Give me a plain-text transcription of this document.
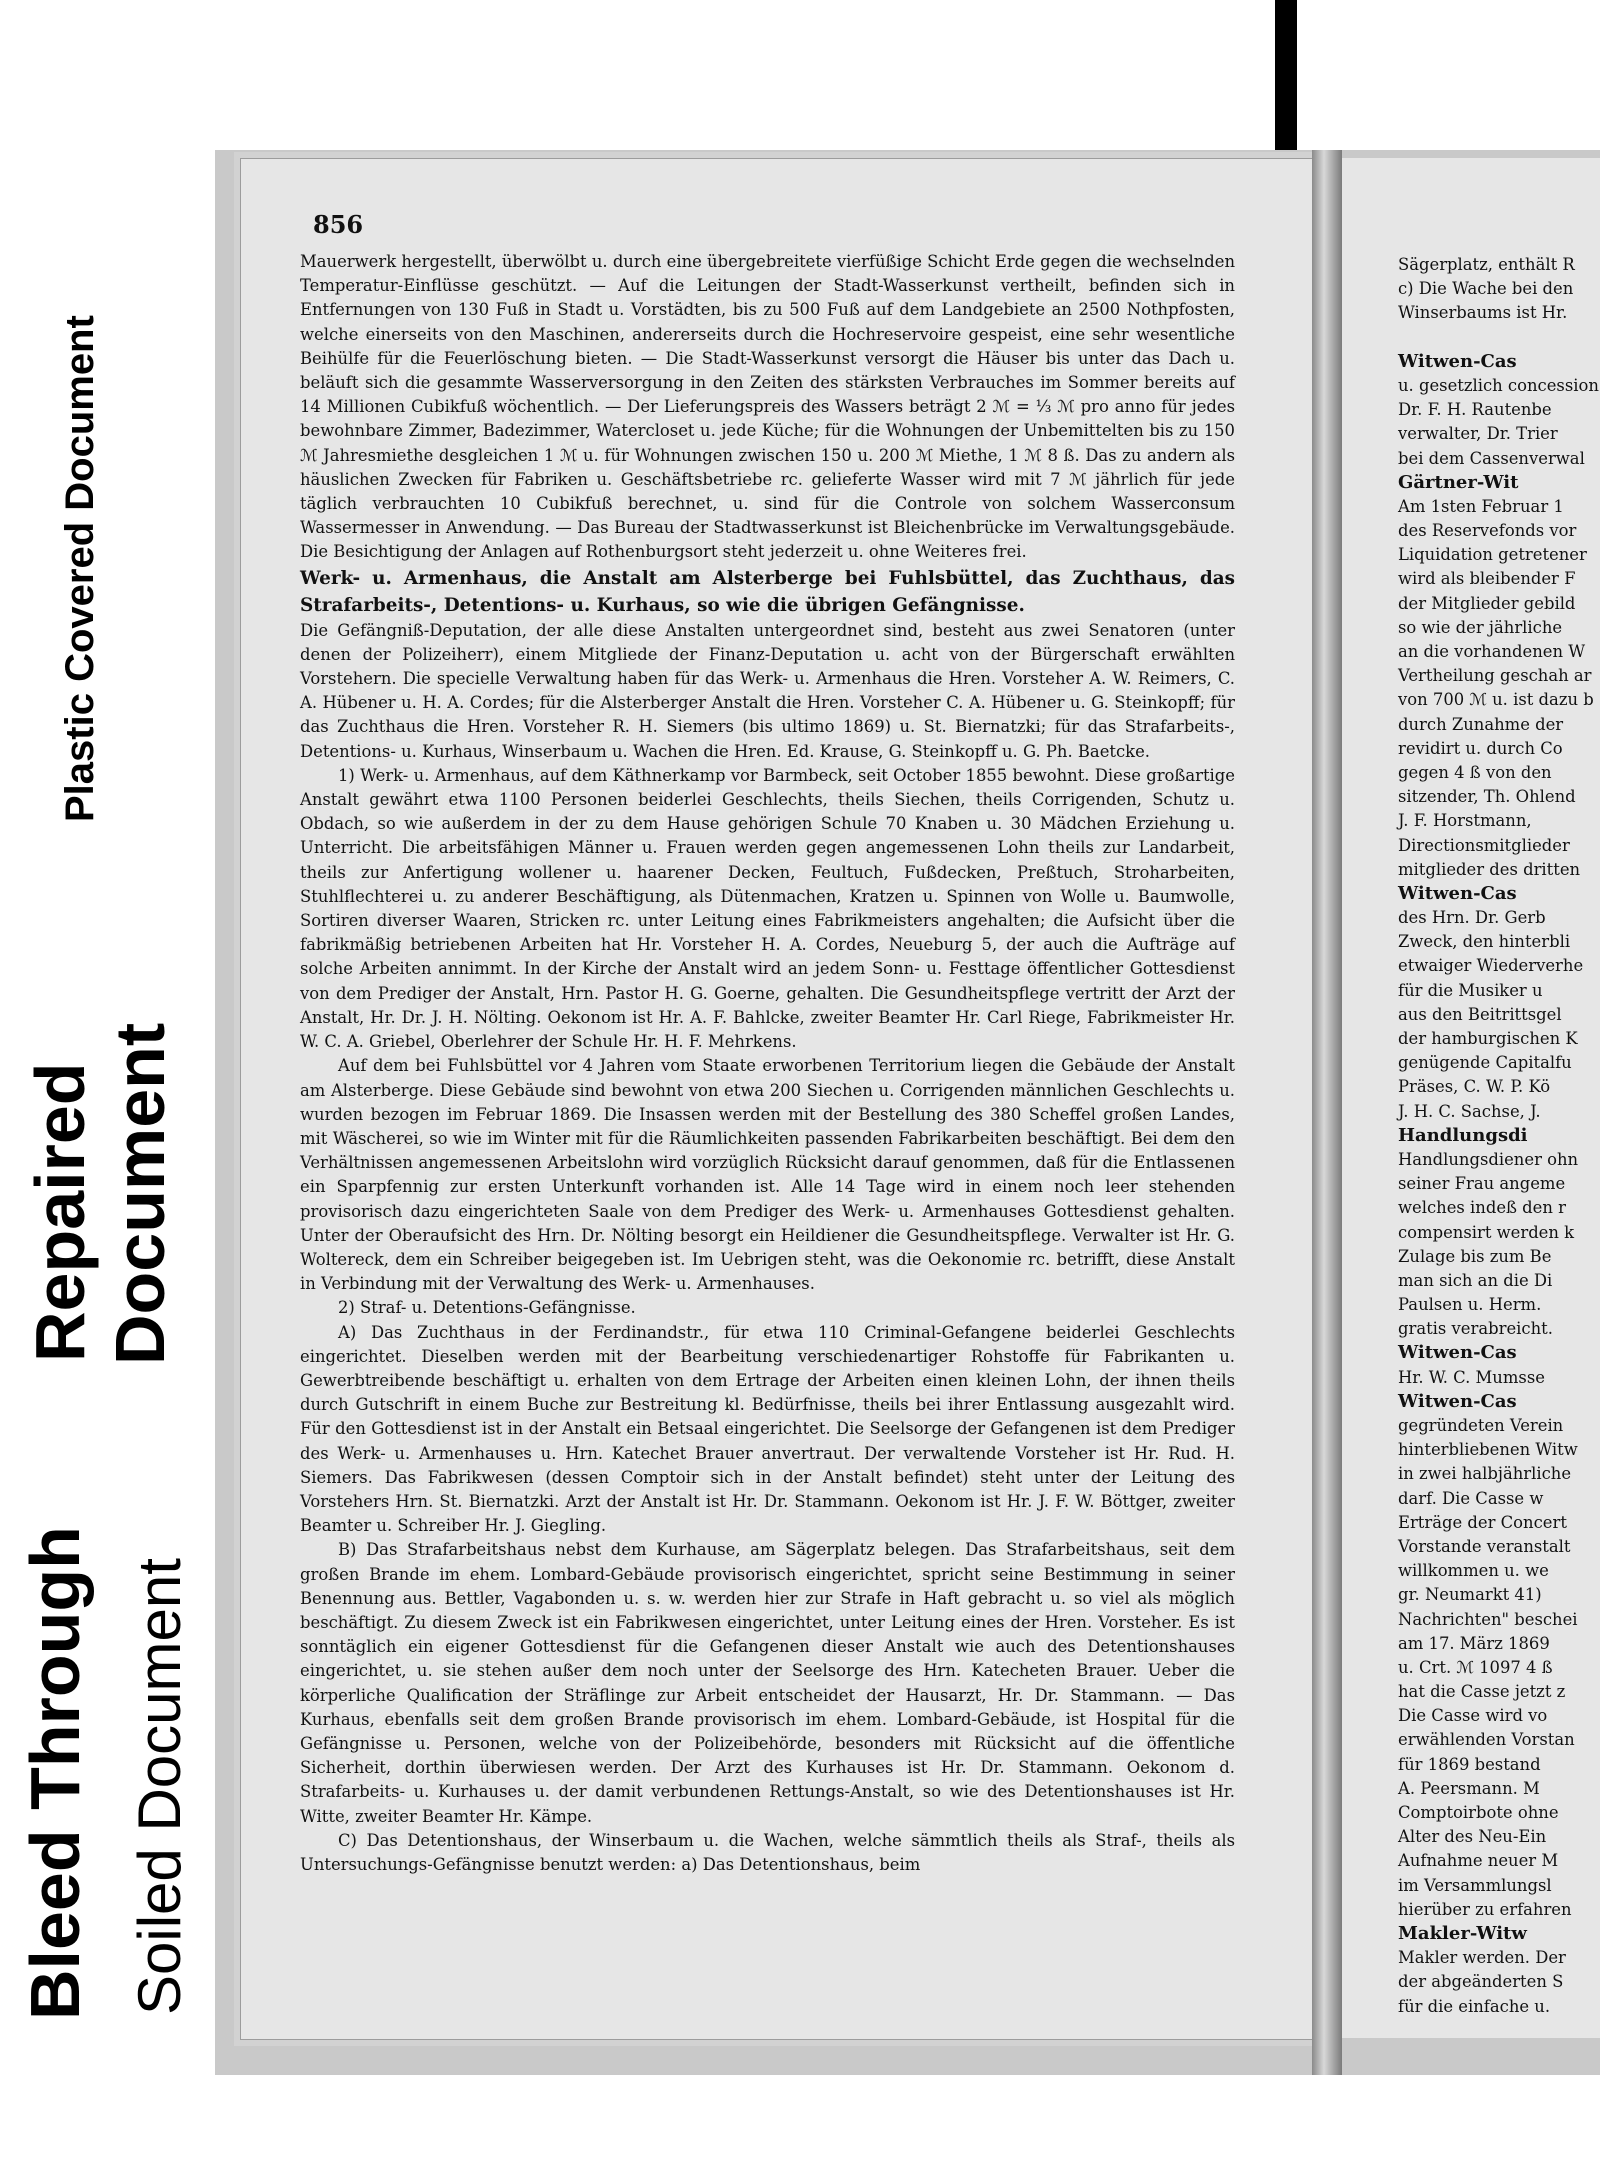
Plastic Covered Document
Repaired Document
Bleed Through Soiled Document
856

Mauerwerk hergestellt, überwölbt u. durch eine übergebreitete vierfüßige Schicht Erde gegen die wechselnden Temperatur-Einflüsse geschützt. — Auf die Leitungen der Stadt-Wasserkunst vertheilt, befinden sich in Entfernungen von 130 Fuß in Stadt u. Vorstädten, bis zu 500 Fuß auf dem Landgebiete an 2500 Nothpfosten, welche einerseits von den Maschinen, andererseits durch die Hochreservoire gespeist, eine sehr wesentliche Beihülfe für die Feuerlöschung bieten. — Die Stadt-Wasserkunst versorgt die Häuser bis unter das Dach u. beläuft sich die gesammte Wasserversorgung in den Zeiten des stärksten Verbrauches im Sommer bereits auf 14 Millionen Cubikfuß wöchentlich. — Der Lieferungspreis des Wassers beträgt 2 ℳ = ⅓ ℳ pro anno für jedes bewohnbare Zimmer, Badezimmer, Watercloset u. jede Küche; für die Wohnungen der Unbemittelten bis zu 150 ℳ Jahresmiethe desgleichen 1 ℳ u. für Wohnungen zwischen 150 u. 200 ℳ Miethe, 1 ℳ 8 ß. Das zu andern als häuslichen Zwecken für Fabriken u. Geschäftsbetriebe rc. gelieferte Wasser wird mit 7 ℳ jährlich für jede täglich verbrauchten 10 Cubikfuß berechnet, u. sind für die Controle von solchem Wasserconsum Wassermesser in Anwendung. — Das Bureau der Stadtwasserkunst ist Bleichenbrücke im Verwaltungsgebäude. Die Besichtigung der Anlagen auf Rothenburgsort steht jederzeit u. ohne Weiteres frei.

Werk- u. Armenhaus, die Anstalt am Alsterberge bei Fuhlsbüttel, das Zuchthaus, das Strafarbeits-, Detentions- u. Kurhaus, so wie die übrigen Gefängnisse.

Die Gefängniß-Deputation, der alle diese Anstalten untergeordnet sind, besteht aus zwei Senatoren (unter denen der Polizeiherr), einem Mitgliede der Finanz-Deputation u. acht von der Bürgerschaft erwählten Vorstehern. Die specielle Verwaltung haben für das Werk- u. Armenhaus die Hren. Vorsteher A. W. Reimers, C. A. Hübener u. H. A. Cordes; für die Alsterberger Anstalt die Hren. Vorsteher C. A. Hübener u. G. Steinkopff; für das Zuchthaus die Hren. Vorsteher R. H. Siemers (bis ultimo 1869) u. St. Biernatzki; für das Strafarbeits-, Detentions- u. Kurhaus, Winserbaum u. Wachen die Hren. Ed. Krause, G. Steinkopff u. G. Ph. Baetcke.

1) Werk- u. Armenhaus, auf dem Käthnerkamp vor Barmbeck, seit October 1855 bewohnt. Diese großartige Anstalt gewährt etwa 1100 Personen beiderlei Geschlechts, theils Siechen, theils Corrigenden, Schutz u. Obdach, so wie außerdem in der zu dem Hause gehörigen Schule 70 Knaben u. 30 Mädchen Erziehung u. Unterricht. Die arbeitsfähigen Männer u. Frauen werden gegen angemessenen Lohn theils zur Landarbeit, theils zur Anfertigung wollener u. haarener Decken, Feultuch, Fußdecken, Preßtuch, Stroharbeiten, Stuhlflechterei u. zu anderer Beschäftigung, als Dütenmachen, Kratzen u. Spinnen von Wolle u. Baumwolle, Sortiren diverser Waaren, Stricken rc. unter Leitung eines Fabrikmeisters angehalten; die Aufsicht über die fabrikmäßig betriebenen Arbeiten hat Hr. Vorsteher H. A. Cordes, Neueburg 5, der auch die Aufträge auf solche Arbeiten annimmt. In der Kirche der Anstalt wird an jedem Sonn- u. Festtage öffentlicher Gottesdienst von dem Prediger der Anstalt, Hrn. Pastor H. G. Goerne, gehalten. Die Gesundheitspflege vertritt der Arzt der Anstalt, Hr. Dr. J. H. Nölting. Oekonom ist Hr. A. F. Bahlcke, zweiter Beamter Hr. Carl Riege, Fabrikmeister Hr. W. C. A. Griebel, Oberlehrer der Schule Hr. H. F. Mehrkens.

Auf dem bei Fuhlsbüttel vor 4 Jahren vom Staate erworbenen Territorium liegen die Gebäude der Anstalt am Alsterberge. Diese Gebäude sind bewohnt von etwa 200 Siechen u. Corrigenden männlichen Geschlechts u. wurden bezogen im Februar 1869. Die Insassen werden mit der Bestellung des 380 Scheffel großen Landes, mit Wäscherei, so wie im Winter mit für die Räumlichkeiten passenden Fabrikarbeiten beschäftigt. Bei dem den Verhältnissen angemessenen Arbeitslohn wird vorzüglich Rücksicht darauf genommen, daß für die Entlassenen ein Sparpfennig zur ersten Unterkunft vorhanden ist. Alle 14 Tage wird in einem noch leer stehenden provisorisch dazu eingerichteten Saale von dem Prediger des Werk- u. Armenhauses Gottesdienst gehalten. Unter der Oberaufsicht des Hrn. Dr. Nölting besorgt ein Heildiener die Gesundheitspflege. Verwalter ist Hr. G. Woltereck, dem ein Schreiber beigegeben ist. Im Uebrigen steht, was die Oekonomie rc. betrifft, diese Anstalt in Verbindung mit der Verwaltung des Werk- u. Armenhauses.

2) Straf- u. Detentions-Gefängnisse.

A) Das Zuchthaus in der Ferdinandstr., für etwa 110 Criminal-Gefangene beiderlei Geschlechts eingerichtet. Dieselben werden mit der Bearbeitung verschiedenartiger Rohstoffe für Fabrikanten u. Gewerbtreibende beschäftigt u. erhalten von dem Ertrage der Arbeiten einen kleinen Lohn, der ihnen theils durch Gutschrift in einem Buche zur Bestreitung kl. Bedürfnisse, theils bei ihrer Entlassung ausgezahlt wird. Für den Gottesdienst ist in der Anstalt ein Betsaal eingerichtet. Die Seelsorge der Gefangenen ist dem Prediger des Werk- u. Armenhauses u. Hrn. Katechet Brauer anvertraut. Der verwaltende Vorsteher ist Hr. Rud. H. Siemers. Das Fabrikwesen (dessen Comptoir sich in der Anstalt befindet) steht unter der Leitung des Vorstehers Hrn. St. Biernatzki. Arzt der Anstalt ist Hr. Dr. Stammann. Oekonom ist Hr. J. F. W. Böttger, zweiter Beamter u. Schreiber Hr. J. Giegling.

B) Das Strafarbeitshaus nebst dem Kurhause, am Sägerplatz belegen. Das Strafarbeitshaus, seit dem großen Brande im ehem. Lombard-Gebäude provisorisch eingerichtet, spricht seine Bestimmung in seiner Benennung aus. Bettler, Vagabonden u. s. w. werden hier zur Strafe in Haft gebracht u. so viel als möglich beschäftigt. Zu diesem Zweck ist ein Fabrikwesen eingerichtet, unter Leitung eines der Hren. Vorsteher. Es ist sonntäglich ein eigener Gottesdienst für die Gefangenen dieser Anstalt wie auch des Detentionshauses eingerichtet, u. sie stehen außer dem noch unter der Seelsorge des Hrn. Katecheten Brauer. Ueber die körperliche Qualification der Sträflinge zur Arbeit entscheidet der Hausarzt, Hr. Dr. Stammann. — Das Kurhaus, ebenfalls seit dem großen Brande provisorisch im ehem. Lombard-Gebäude, ist Hospital für die Gefängnisse u. Personen, welche von der Polizeibehörde, besonders mit Rücksicht auf die öffentliche Sicherheit, dorthin überwiesen werden. Der Arzt des Kurhauses ist Hr. Dr. Stammann. Oekonom d. Strafarbeits- u. Kurhauses u. der damit verbundenen Rettungs-Anstalt, so wie des Detentionshauses ist Hr. Witte, zweiter Beamter Hr. Kämpe.

C) Das Detentionshaus, der Winserbaum u. die Wachen, welche sämmtlich theils als Straf-, theils als Untersuchungs-Gefängnisse benutzt werden: a) Das Detentionshaus, beim

Sägerplatz, enthält R
c) Die Wache bei den
Winserbaums ist Hr.
Witwen-Cas
u. gesetzlich concession
Dr. F. H. Rautenbe
verwalter, Dr. Trier
bei dem Cassenverwal
Gärtner-Wit
Am 1sten Februar 1
des Reservefonds vor
Liquidation getretener
wird als bleibender F
der Mitglieder gebild
so wie der jährliche
an die vorhandenen W
Vertheilung geschah ar
von 700 ℳ u. ist dazu b
durch Zunahme der
revidirt u. durch Co
gegen 4 ß von den
sitzender, Th. Ohlend
J. F. Horstmann,
Directionsmitglieder
mitglieder des dritten
Witwen-Cas
des Hrn. Dr. Gerb
Zweck, den hinterbli
etwaiger Wiederverhe
für die Musiker u
aus den Beitrittsgel
der hamburgischen K
genügende Capitalfu
Präses, C. W. P. Kö
J. H. C. Sachse, J.
Handlungsdi
Handlungsdiener ohn
seiner Frau angeme
welches indeß den r
compensirt werden k
Zulage bis zum Be
man sich an die Di
Paulsen u. Herm.
gratis verabreicht.
Witwen-Cas
Hr. W. C. Mumsse
Witwen-Cas
gegründeten Verein
hinterbliebenen Witw
in zwei halbjährliche
darf. Die Casse w
Erträge der Concert
Vorstande veranstalt
willkommen u. we
gr. Neumarkt 41)
Nachrichten" beschei
am 17. März 1869
u. Crt. ℳ 1097 4 ß
hat die Casse jetzt z
Die Casse wird vo
erwählenden Vorstan
für 1869 bestand
A. Peersmann. M
Comptoirbote ohne
Alter des Neu-Ein
Aufnahme neuer M
im Versammlungsl
hierüber zu erfahren
Makler-Witw
Makler werden. Der
der abgeänderten S
für die einfache u.
